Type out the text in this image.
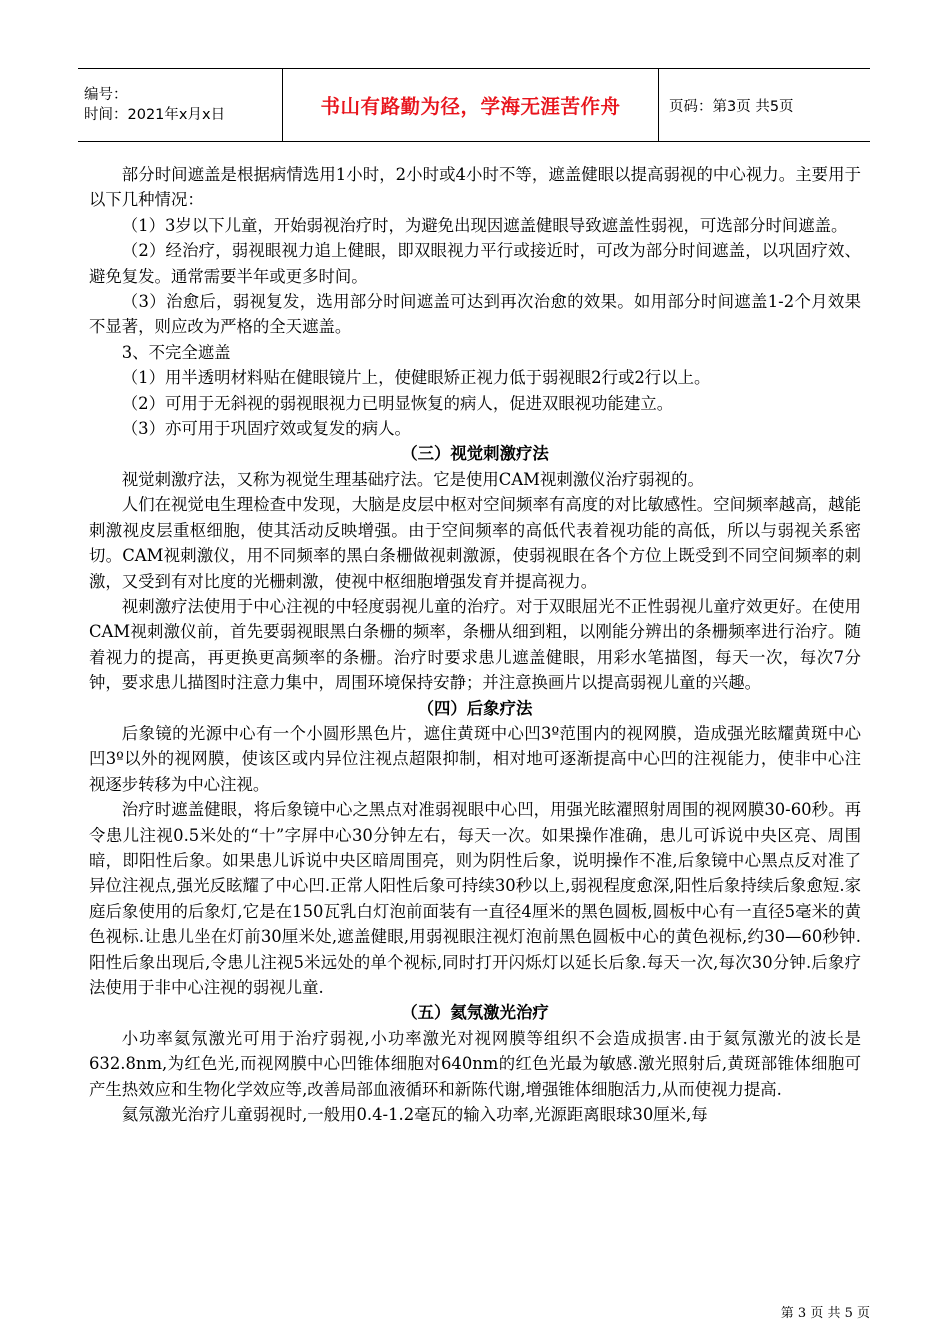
编号：
时间：2021年x月x日	书山有路勤为径，学海无涯苦作舟	页码：第3页 共5页

部分时间遮盖是根据病情选用1小时，2小时或4小时不等，遮盖健眼以提高弱视的中心视力。主要用于以下几种情况：

（1）3岁以下儿童，开始弱视治疗时，为避免出现因遮盖健眼导致遮盖性弱视，可选部分时间遮盖。

（2）经治疗，弱视眼视力追上健眼，即双眼视力平行或接近时，可改为部分时间遮盖，以巩固疗效、避免复发。通常需要半年或更多时间。

（3）治愈后，弱视复发，选用部分时间遮盖可达到再次治愈的效果。如用部分时间遮盖1-2个月效果不显著，则应改为严格的全天遮盖。

3、不完全遮盖

（1）用半透明材料贴在健眼镜片上，使健眼矫正视力低于弱视眼2行或2行以上。

（2）可用于无斜视的弱视眼视力已明显恢复的病人，促进双眼视功能建立。

（3）亦可用于巩固疗效或复发的病人。

（三）视觉刺激疗法

视觉刺激疗法，又称为视觉生理基础疗法。它是使用CAM视刺激仪治疗弱视的。

人们在视觉电生理检查中发现，大脑是皮层中枢对空间频率有高度的对比敏感性。空间频率越高，越能刺激视皮层重枢细胞，使其活动反映增强。由于空间频率的高低代表着视功能的高低，所以与弱视关系密切。CAM视刺激仪，用不同频率的黑白条栅做视刺激源，使弱视眼在各个方位上既受到不同空间频率的刺激，又受到有对比度的光栅刺激，使视中枢细胞增强发育并提高视力。

视刺激疗法使用于中心注视的中轻度弱视儿童的治疗。对于双眼屈光不正性弱视儿童疗效更好。在使用CAM视刺激仪前，首先要弱视眼黑白条栅的频率，条栅从细到粗，以刚能分辨出的条栅频率进行治疗。随着视力的提高，再更换更高频率的条栅。治疗时要求患儿遮盖健眼，用彩水笔描图，每天一次，每次7分钟，要求患儿描图时注意力集中，周围环境保持安静；并注意换画片以提高弱视儿童的兴趣。

（四）后象疗法

后象镜的光源中心有一个小圆形黑色片，遮住黄斑中心凹3º范围内的视网膜，造成强光眩耀黄斑中心凹3º以外的视网膜，使该区或内异位注视点超限抑制，相对地可逐渐提高中心凹的注视能力，使非中心注视逐步转移为中心注视。

治疗时遮盖健眼，将后象镜中心之黑点对准弱视眼中心凹，用强光眩濯照射周围的视网膜30-60秒。再令患儿注视0.5米处的“十”字屏中心30分钟左右，每天一次。如果操作准确，患儿可诉说中央区亮、周围暗，即阳性后象。如果患儿诉说中央区暗周围亮，则为阴性后象，说明操作不准,后象镜中心黑点反对准了异位注视点,强光反眩耀了中心凹.正常人阳性后象可持续30秒以上,弱视程度愈深,阳性后象持续后象愈短.家庭后象使用的后象灯,它是在150瓦乳白灯泡前面装有一直径4厘米的黑色圆板,圆板中心有一直径5毫米的黄色视标.让患儿坐在灯前30厘米处,遮盖健眼,用弱视眼注视灯泡前黑色圆板中心的黄色视标,约30—60秒钟.阳性后象出现后,令患儿注视5米远处的单个视标,同时打开闪烁灯以延长后象.每天一次,每次30分钟.后象疗法使用于非中心注视的弱视儿童.

（五）氦氖激光治疗

小功率氦氖激光可用于治疗弱视,小功率激光对视网膜等组织不会造成损害.由于氦氖激光的波长是632.8nm,为红色光,而视网膜中心凹锥体细胞对640nm的红色光最为敏感.激光照射后,黄斑部锥体细胞可产生热效应和生物化学效应等,改善局部血液循环和新陈代谢,增强锥体细胞活力,从而使视力提高.

氦氖激光治疗儿童弱视时,一般用0.4-1.2毫瓦的输入功率,光源距离眼球30厘米,每

第 3 页 共 5 页
